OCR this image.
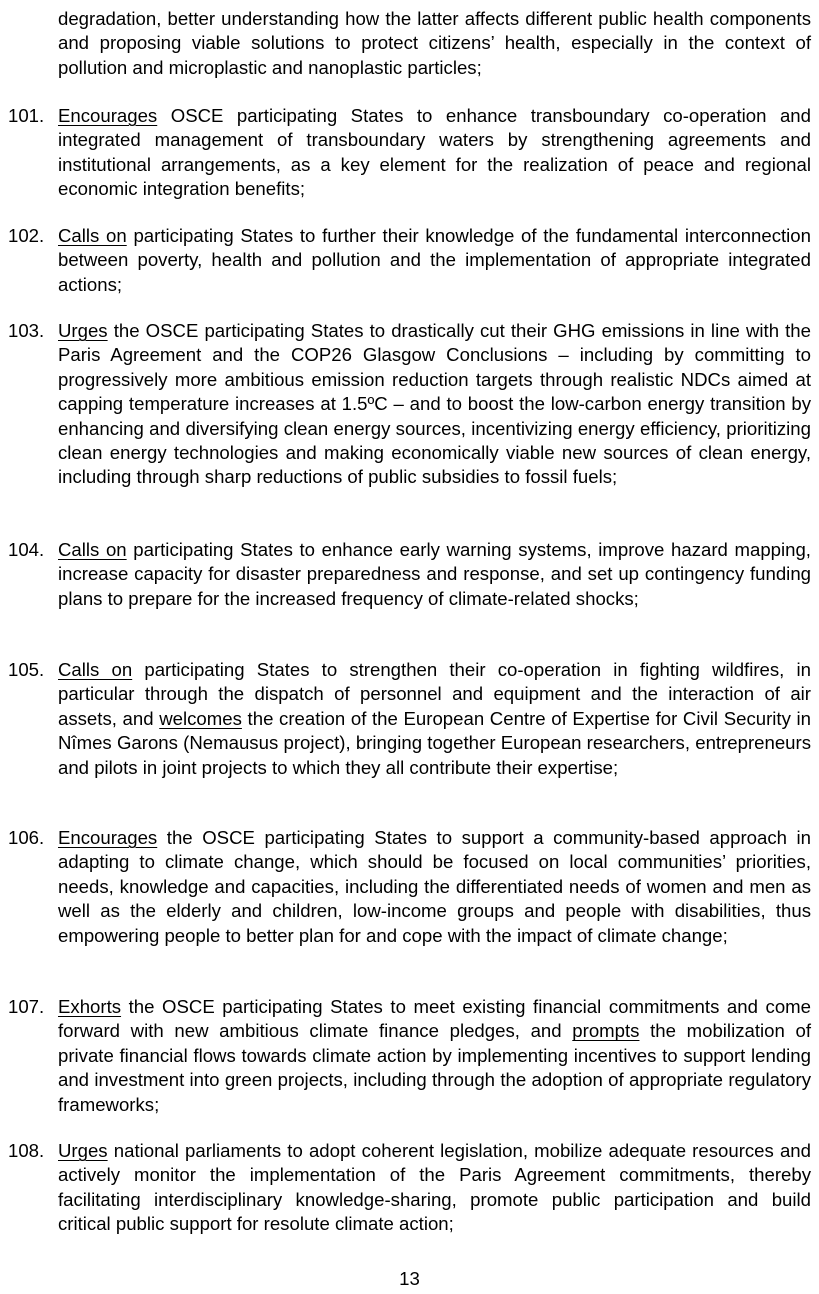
degradation, better understanding how the latter affects different public health components and proposing viable solutions to protect citizens’ health, especially in the context of pollution and microplastic and nanoplastic particles;

101. Encourages OSCE participating States to enhance transboundary co-operation and integrated management of transboundary waters by strengthening agreements and institutional arrangements, as a key element for the realization of peace and regional economic integration benefits;

102. Calls on participating States to further their knowledge of the fundamental interconnection between poverty, health and pollution and the implementation of appropriate integrated actions;

103. Urges the OSCE participating States to drastically cut their GHG emissions in line with the Paris Agreement and the COP26 Glasgow Conclusions – including by committing to progressively more ambitious emission reduction targets through realistic NDCs aimed at capping temperature increases at 1.5ºC – and to boost the low-carbon energy transition by enhancing and diversifying clean energy sources, incentivizing energy efficiency, prioritizing clean energy technologies and making economically viable new sources of clean energy, including through sharp reductions of public subsidies to fossil fuels;

104. Calls on participating States to enhance early warning systems, improve hazard mapping, increase capacity for disaster preparedness and response, and set up contingency funding plans to prepare for the increased frequency of climate-related shocks;

105. Calls on participating States to strengthen their co-operation in fighting wildfires, in particular through the dispatch of personnel and equipment and the interaction of air assets, and welcomes the creation of the European Centre of Expertise for Civil Security in Nîmes Garons (Nemausus project), bringing together European researchers, entrepreneurs and pilots in joint projects to which they all contribute their expertise;

106. Encourages the OSCE participating States to support a community-based approach in adapting to climate change, which should be focused on local communities’ priorities, needs, knowledge and capacities, including the differentiated needs of women and men as well as the elderly and children, low-income groups and people with disabilities, thus empowering people to better plan for and cope with the impact of climate change;

107. Exhorts the OSCE participating States to meet existing financial commitments and come forward with new ambitious climate finance pledges, and prompts the mobilization of private financial flows towards climate action by implementing incentives to support lending and investment into green projects, including through the adoption of appropriate regulatory frameworks;

108. Urges national parliaments to adopt coherent legislation, mobilize adequate resources and actively monitor the implementation of the Paris Agreement commitments, thereby facilitating interdisciplinary knowledge-sharing, promote public participation and build critical public support for resolute climate action;

13
